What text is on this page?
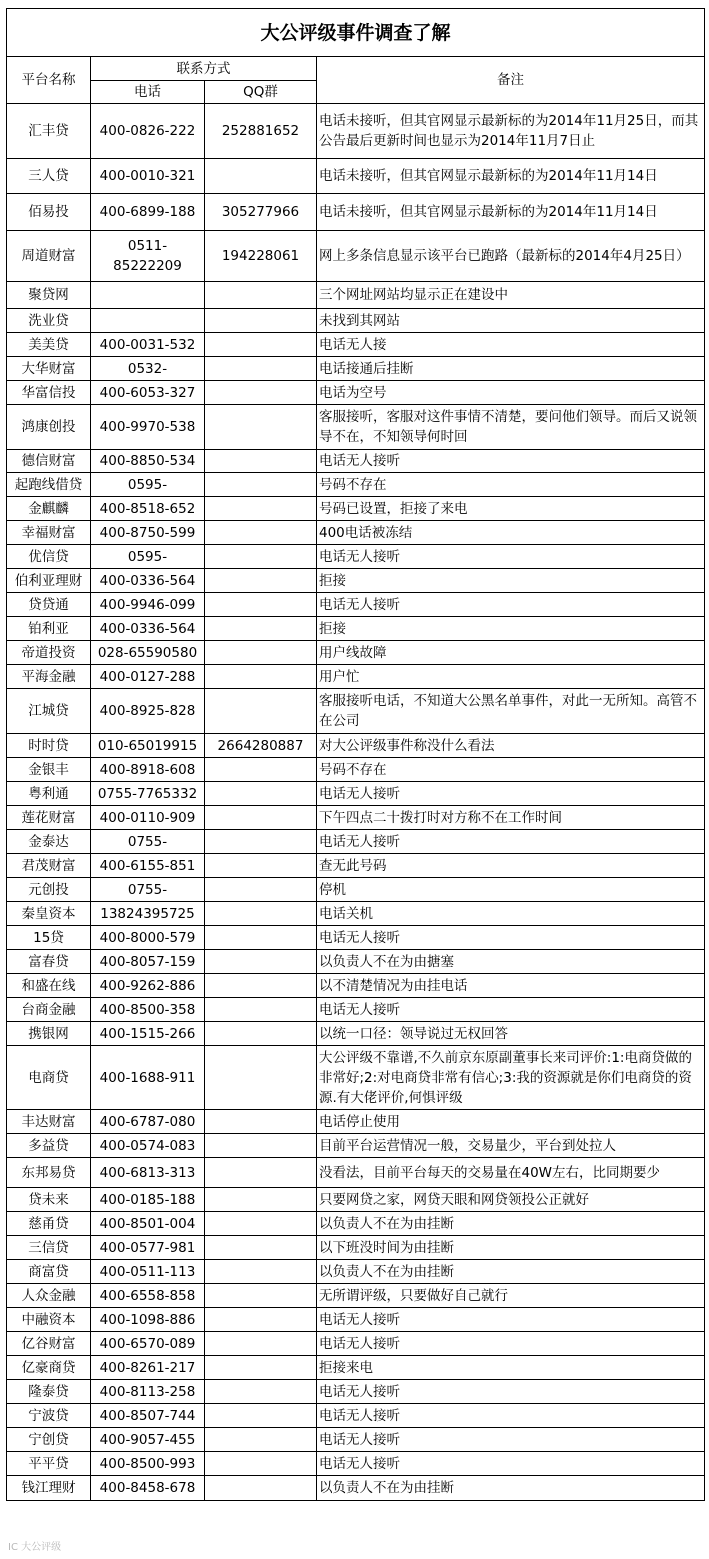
大公评级事件调查了解			
平台名称	联系方式		备注
	电话	QQ群	
汇丰贷	400-0826-222	252881652	电话未接听，但其官网显示最新标的为2014年11月25日，而其公告最后更新时间也显示为2014年11月7日止
三人贷	400-0010-321		电话未接听，但其官网显示最新标的为2014年11月14日
佰易投	400-6899-188	305277966	电话未接听，但其官网显示最新标的为2014年11月14日
周道财富	0511-85222209	194228061	网上多条信息显示该平台已跑路（最新标的2014年4月25日）
聚贷网			三个网址网站均显示正在建设中
洗业贷			未找到其网站
美美贷	400-0031-532		电话无人接
大华财富	0532-		电话接通后挂断
华富信投	400-6053-327		电话为空号
鸿康创投	400-9970-538		客服接听，客服对这件事情不清楚，要问他们领导。而后又说领导不在，不知领导何时回
德信财富	400-8850-534		电话无人接听
起跑线借贷	0595-		号码不存在
金麒麟	400-8518-652		号码已设置，拒接了来电
幸福财富	400-8750-599		400电话被冻结
优信贷	0595-		电话无人接听
伯利亚理财	400-0336-564		拒接
贷贷通	400-9946-099		电话无人接听
铂利亚	400-0336-564		拒接
帝道投资	028-65590580		用户线故障
平海金融	400-0127-288		用户忙
江城贷	400-8925-828		客服接听电话，不知道大公黑名单事件，对此一无所知。高管不在公司
时时贷	010-65019915	2664280887	对大公评级事件称没什么看法
金银丰	400-8918-608		号码不存在
粤利通	0755-7765332		电话无人接听
莲花财富	400-0110-909		下午四点二十拨打时对方称不在工作时间
金泰达	0755-		电话无人接听
君茂财富	400-6155-851		查无此号码
元创投	0755-		停机
秦皇资本	13824395725		电话关机
15贷	400-8000-579		电话无人接听
富春贷	400-8057-159		以负责人不在为由搪塞
和盛在线	400-9262-886		以不清楚情况为由挂电话
台商金融	400-8500-358		电话无人接听
携银网	400-1515-266		以统一口径：领导说过无权回答
电商贷	400-1688-911		大公评级不靠谱,不久前京东原副董事长来司评价:1:电商贷做的非常好;2:对电商贷非常有信心;3:我的资源就是你们电商贷的资源.有大佬评价,何惧评级
丰达财富	400-6787-080		电话停止使用
多益贷	400-0574-083		目前平台运营情况一般，交易量少，平台到处拉人
东邦易贷	400-6813-313		没看法，目前平台每天的交易量在40W左右，比同期要少
贷未来	400-0185-188		只要网贷之家，网贷天眼和网贷领投公正就好
慈甬贷	400-8501-004		以负责人不在为由挂断
三信贷	400-0577-981		以下班没时间为由挂断
商富贷	400-0511-113		以负责人不在为由挂断
人众金融	400-6558-858		无所谓评级，只要做好自己就行
中融资本	400-1098-886		电话无人接听
亿谷财富	400-6570-089		电话无人接听
亿豪商贷	400-8261-217		拒接来电
隆泰贷	400-8113-258		电话无人接听
宁波贷	400-8507-744		电话无人接听
宁创贷	400-9057-455		电话无人接听
平平贷	400-8500-993		电话无人接听
钱江理财	400-8458-678		以负责人不在为由挂断
IC 大公评级
